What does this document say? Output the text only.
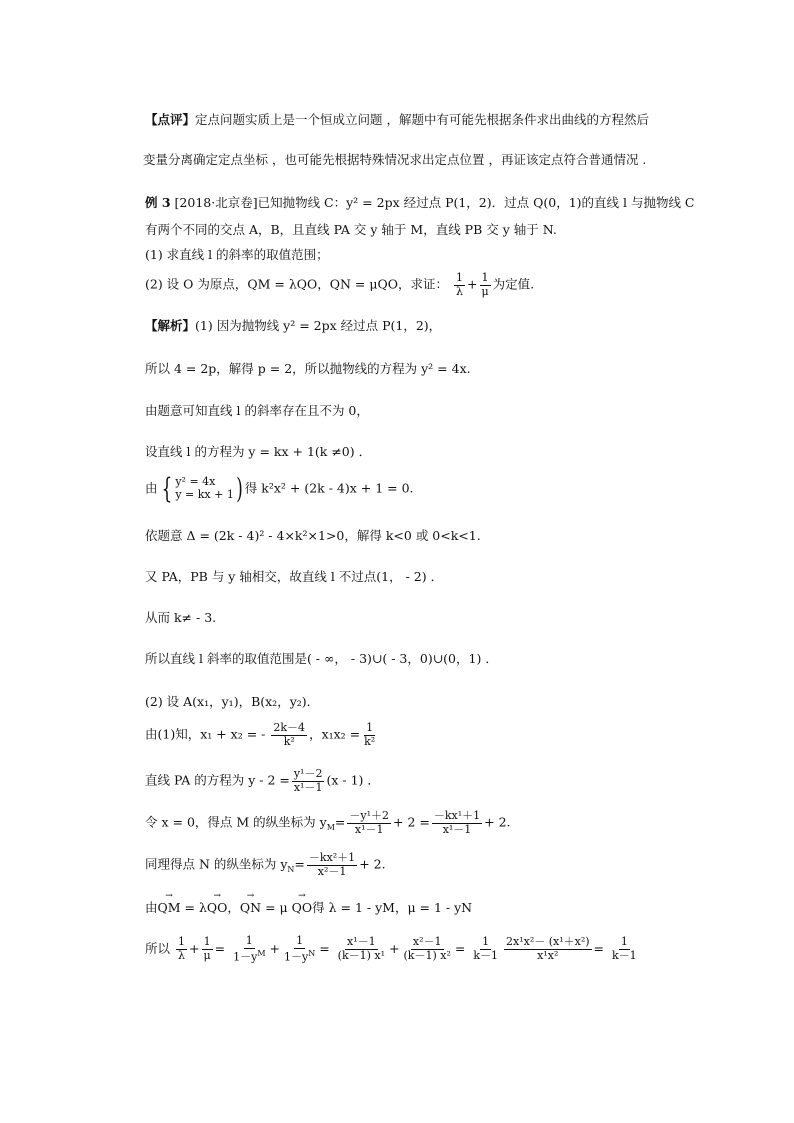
【点评】定点问题实质上是一个恒成立问题 ，解题中有可能先根据条件求出曲线的方程然后
变量分离确定定点坐标 ，也可能先根据特殊情况求出定点位置 ，再证该定点符合普通情况 .
例 3 [2018·北京卷]已知抛物线 C：y² = 2px 经过点 P(1，2)．过点 Q(0，1)的直线 l 与抛物线 C
有两个不同的交点 A，B，且直线 PA 交 y 轴于 M，直线 PB 交 y 轴于 N.
(1) 求直线 l 的斜率的取值范围；
(2) 设 O 为原点，QM = λQO，QN = μQO，求证： $\frac{1}{\lambda} + \frac{1}{\mu}$ 为定值.
【解析】(1) 因为抛物线 y² = 2px 经过点 P(1，2)，
所以 4 = 2p，解得 p = 2，所以抛物线的方程为 y² = 4x.
由题意可知直线 l 的斜率存在且不为 0，
设直线 l 的方程为 y = kx + 1(k ≠0) ．
由 { y² = 4x
y = kx + 1 ) 得 k²x² + (2k - 4)x + 1 = 0.
依题意 Δ = (2k - 4)² - 4×k²×1>0，解得 k<0 或 0<k<1.
又 PA，PB 与 y 轴相交，故直线 l 不过点(1， - 2) ．
从而 k≠ - 3.
所以直线 l 斜率的取值范围是( - ∞， - 3)∪( - 3，0)∪(0，1) ．
(2) 设 A(x₁，y₁)，B(x₂，y₂)．
由(1)知，x₁ + x₂ = - $\frac{2k-4}{\text{k²}}$ ，$x_1x_2 = \frac{1}{\text{k²}}$
直线 PA 的方程为 $y - 2 = \frac{\text{y¹－2}}{\text{x¹－1}} (x - 1)$ ．
令 x = 0，得点 M 的纵坐标为 $y_M= \frac{\text{－y¹＋2}}{\text{x¹－1}} + 2 = \frac{\text{－kx¹＋1}}{\text{x¹－1}} + 2$.
同理得点 N 的纵坐标为 $y_N= \frac{\text{－kx²＋1}}{\text{x²－1}} + 2$.
由→ QM = λ→ QO，→ QN = μ → QO得 λ = 1 - yM，μ = 1 - yN
所以 $\frac{1}{\lambda} + \frac{1}{\mu} = \frac{1}{1-y^M} + \frac{1}{1-y^N} = \frac{\text{x¹－1}}{\text{(k－1) x¹}} + \frac{\text{x²－1}}{\text{(k－1) x²}} = \frac{1}{k-1} \frac{\text{2x¹x²－ (x¹＋x²)}}{\text{x¹x²}} = \frac{1}{k-1}$
